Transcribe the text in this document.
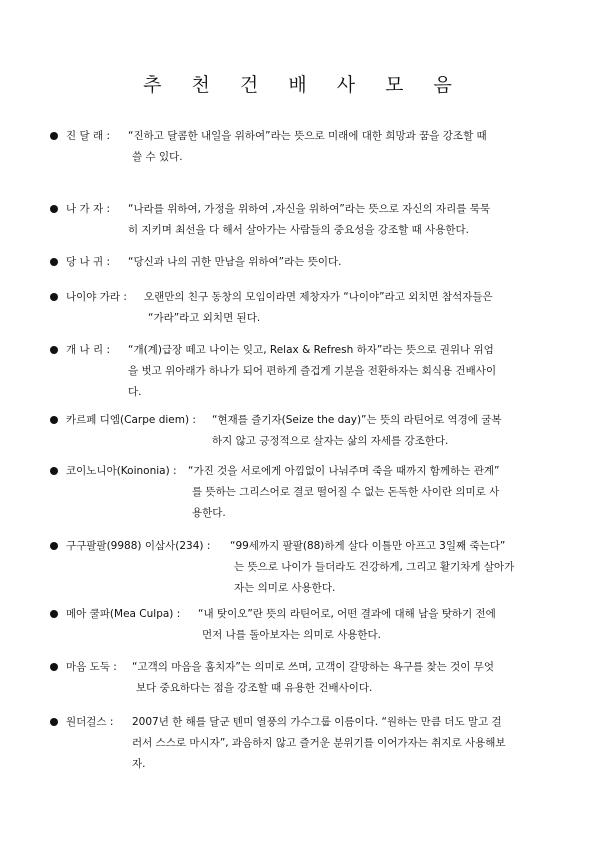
추 천 건 배 사 모 음
진 달 래 : “진하고 달콤한 내일을 위하여”라는 뜻으로 미래에 대한 희망과 꿈을 강조할 때
쓸 수 있다.
나 가 자 : “나라를 위하여, 가정을 위하여 ,자신을 위하여”라는 뜻으로 자신의 자리를 묵묵
히 지키며 최선을 다 해서 살아가는 사람들의 중요성을 강조할 때 사용한다.
당 나 귀 : “당신과 나의 귀한 만남을 위하여”라는 뜻이다.
나이야 가라 : 오랜만의 친구 동창의 모임이라면 제창자가 “나이야”라고 외치면 참석자들은
“가라”라고 외치면 된다.
개 나 리 : “개(계)급장 떼고 나이는 잊고, Relax & Refresh 하자”라는 뜻으로 권위나 위엄
을 벗고 위아래가 하나가 되어 편하게 즐겁게 기분을 전환하자는 회식용 건배사이
다.
카르페 디엠(Carpe diem) : “현재를 즐기자(Seize the day)”는 뜻의 라틴어로 역경에 굴복
하지 않고 긍정적으로 살자는 삶의 자세를 강조한다.
코이노니아(Koinonia) : “가진 것을 서로에게 아낌없이 나눠주며 죽을 때까지 함께하는 관계”
를 뜻하는 그리스어로 결코 떨어질 수 없는 돈독한 사이란 의미로 사
용한다.
구구팔팔(9988) 이삼사(234) : “99세까지 팔팔(88)하게 살다 이틀만 아프고 3일째 죽는다”
는 뜻으로 나이가 들더라도 건강하게, 그리고 활기차게 살아가
자는 의미로 사용한다.
메아 쿨파(Mea Culpa) : “내 탓이오”란 뜻의 라틴어로, 어떤 결과에 대해 남을 탓하기 전에
먼저 나를 돌아보자는 의미로 사용한다.
마음 도둑 : “고객의 마음을 훔치자”는 의미로 쓰며, 고객이 갈망하는 욕구를 찾는 것이 무엇
보다 중요하다는 점을 강조할 때 유용한 건배사이다.
원더걸스 : 2007년 한 해를 달군 텐미 열풍의 가수그룹 이름이다. “원하는 만큼 더도 말고 걸
러서 스스로 마시자”, 과음하지 않고 즐거운 분위기를 이어가자는 취지로 사용해보
자.
